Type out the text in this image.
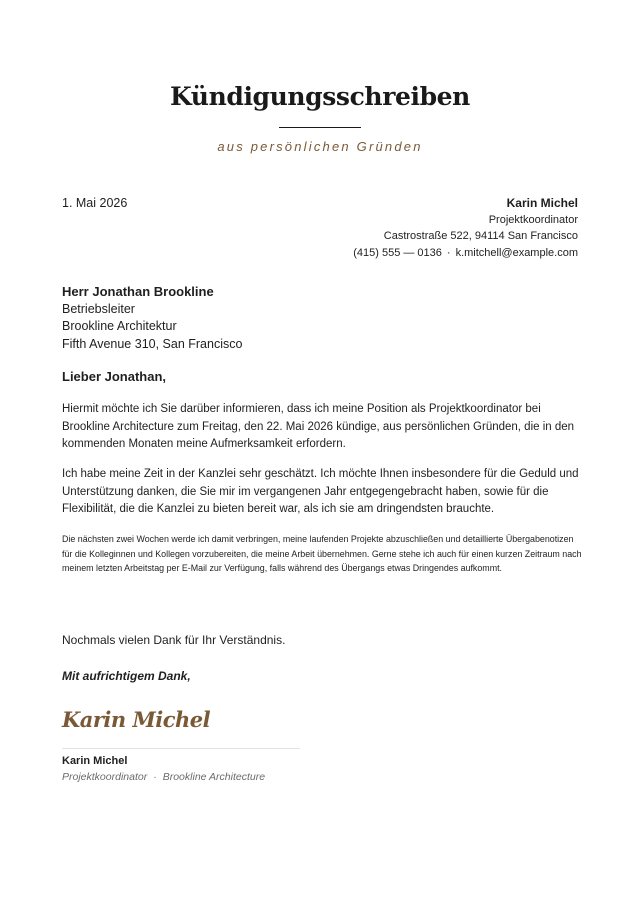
Kündigungsschreiben
aus persönlichen Gründen
1. Mai 2026	Karin Michel
Projektkoordinator
Castrostraße 522, 94114 San Francisco
(415) 555 — 0136 · k.mitchell@example.com
Herr Jonathan Brookline
Betriebsleiter
Brookline Architektur
Fifth Avenue 310, San Francisco
Lieber Jonathan,

Hiermit möchte ich Sie darüber informieren, dass ich meine Position als Projektkoordinator bei Brookline Architecture zum Freitag, den 22. Mai 2026 kündige, aus persönlichen Gründen, die in den kommenden Monaten meine Aufmerksamkeit erfordern.

Ich habe meine Zeit in der Kanzlei sehr geschätzt. Ich möchte Ihnen insbesondere für die Geduld und Unterstützung danken, die Sie mir im vergangenen Jahr entgegengebracht haben, sowie für die Flexibilität, die die Kanzlei zu bieten bereit war, als ich sie am dringendsten brauchte.

Die nächsten zwei Wochen werde ich damit verbringen, meine laufenden Projekte abzuschließen und detaillierte Übergabenotizen für die Kolleginnen und Kollegen vorzubereiten, die meine Arbeit übernehmen. Gerne stehe ich auch für einen kurzen Zeitraum nach meinem letzten Arbeitstag per E-Mail zur Verfügung, falls während des Übergangs etwas Dringendes aufkommt.

Nochmals vielen Dank für Ihr Verständnis.
Mit aufrichtigem Dank,
Karin Michel
Karin Michel
Projektkoordinator · Brookline Architecture
